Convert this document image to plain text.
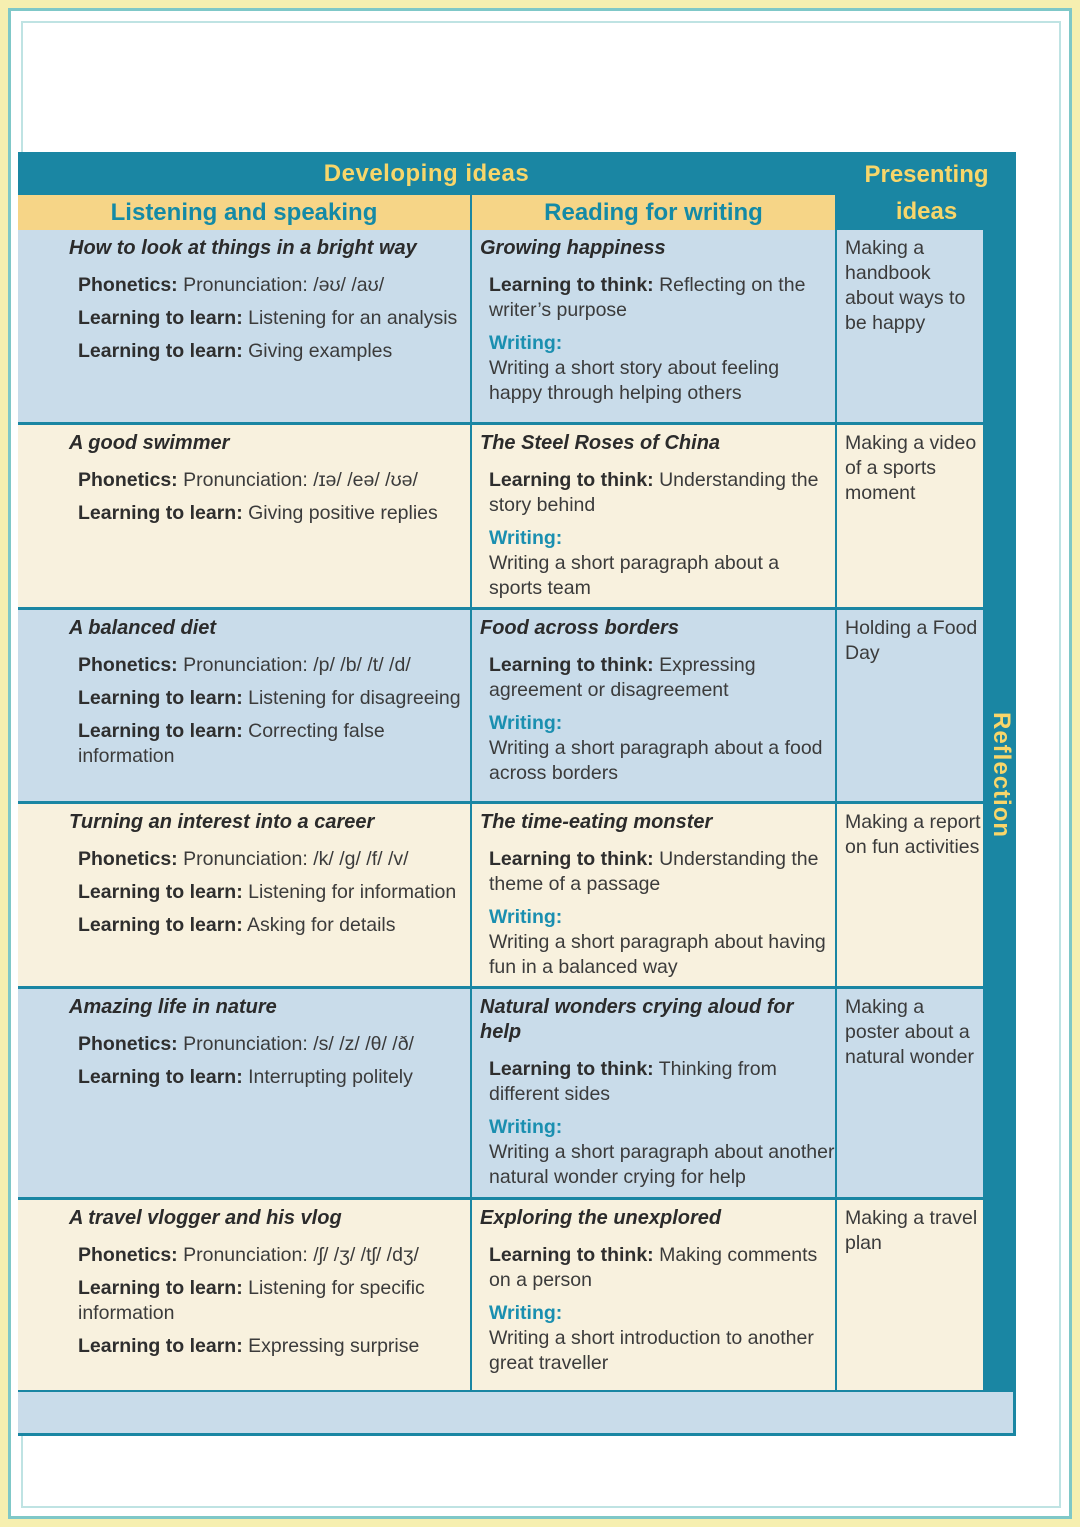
Developing ideas	Presenting
ideas
Listening and speaking	Reading for writing
How to look at things in a bright way
Phonetics: Pronunciation: /əʊ/ /aʊ/
Learning to learn: Listening for an analysis
Learning to learn: Giving examples
Growing happiness
Learning to think: Reflecting on the writer’s purpose
Writing:
Writing a short story about feeling happy through helping others
Making a handbook about ways to be happy
A good swimmer
Phonetics: Pronunciation: /ɪə/ /eə/ /ʊə/
Learning to learn: Giving positive replies
The Steel Roses of China
Learning to think: Understanding the story behind
Writing:
Writing a short paragraph about a sports team
Making a video of a sports moment
A balanced diet
Phonetics: Pronunciation: /p/ /b/ /t/ /d/
Learning to learn: Listening for disagreeing
Learning to learn: Correcting false information
Food across borders
Learning to think: Expressing agreement or disagreement
Writing:
Writing a short paragraph about a food across borders
Holding a Food Day
Turning an interest into a career
Phonetics: Pronunciation: /k/ /g/ /f/ /v/
Learning to learn: Listening for information
Learning to learn: Asking for details
The time-eating monster
Learning to think: Understanding the theme of a passage
Writing:
Writing a short paragraph about having fun in a balanced way
Making a report on fun activities
Amazing life in nature
Phonetics: Pronunciation: /s/ /z/ /θ/ /ð/
Learning to learn: Interrupting politely
Natural wonders crying aloud for help
Learning to think: Thinking from different sides
Writing:
Writing a short paragraph about another natural wonder crying for help
Making a poster about a natural wonder
A travel vlogger and his vlog
Phonetics: Pronunciation: /ʃ/ /ʒ/ /tʃ/ /dʒ/
Learning to learn: Listening for specific information
Learning to learn: Expressing surprise
Exploring the unexplored
Learning to think: Making comments on a person
Writing:
Writing a short introduction to another great traveller
Making a travel plan
